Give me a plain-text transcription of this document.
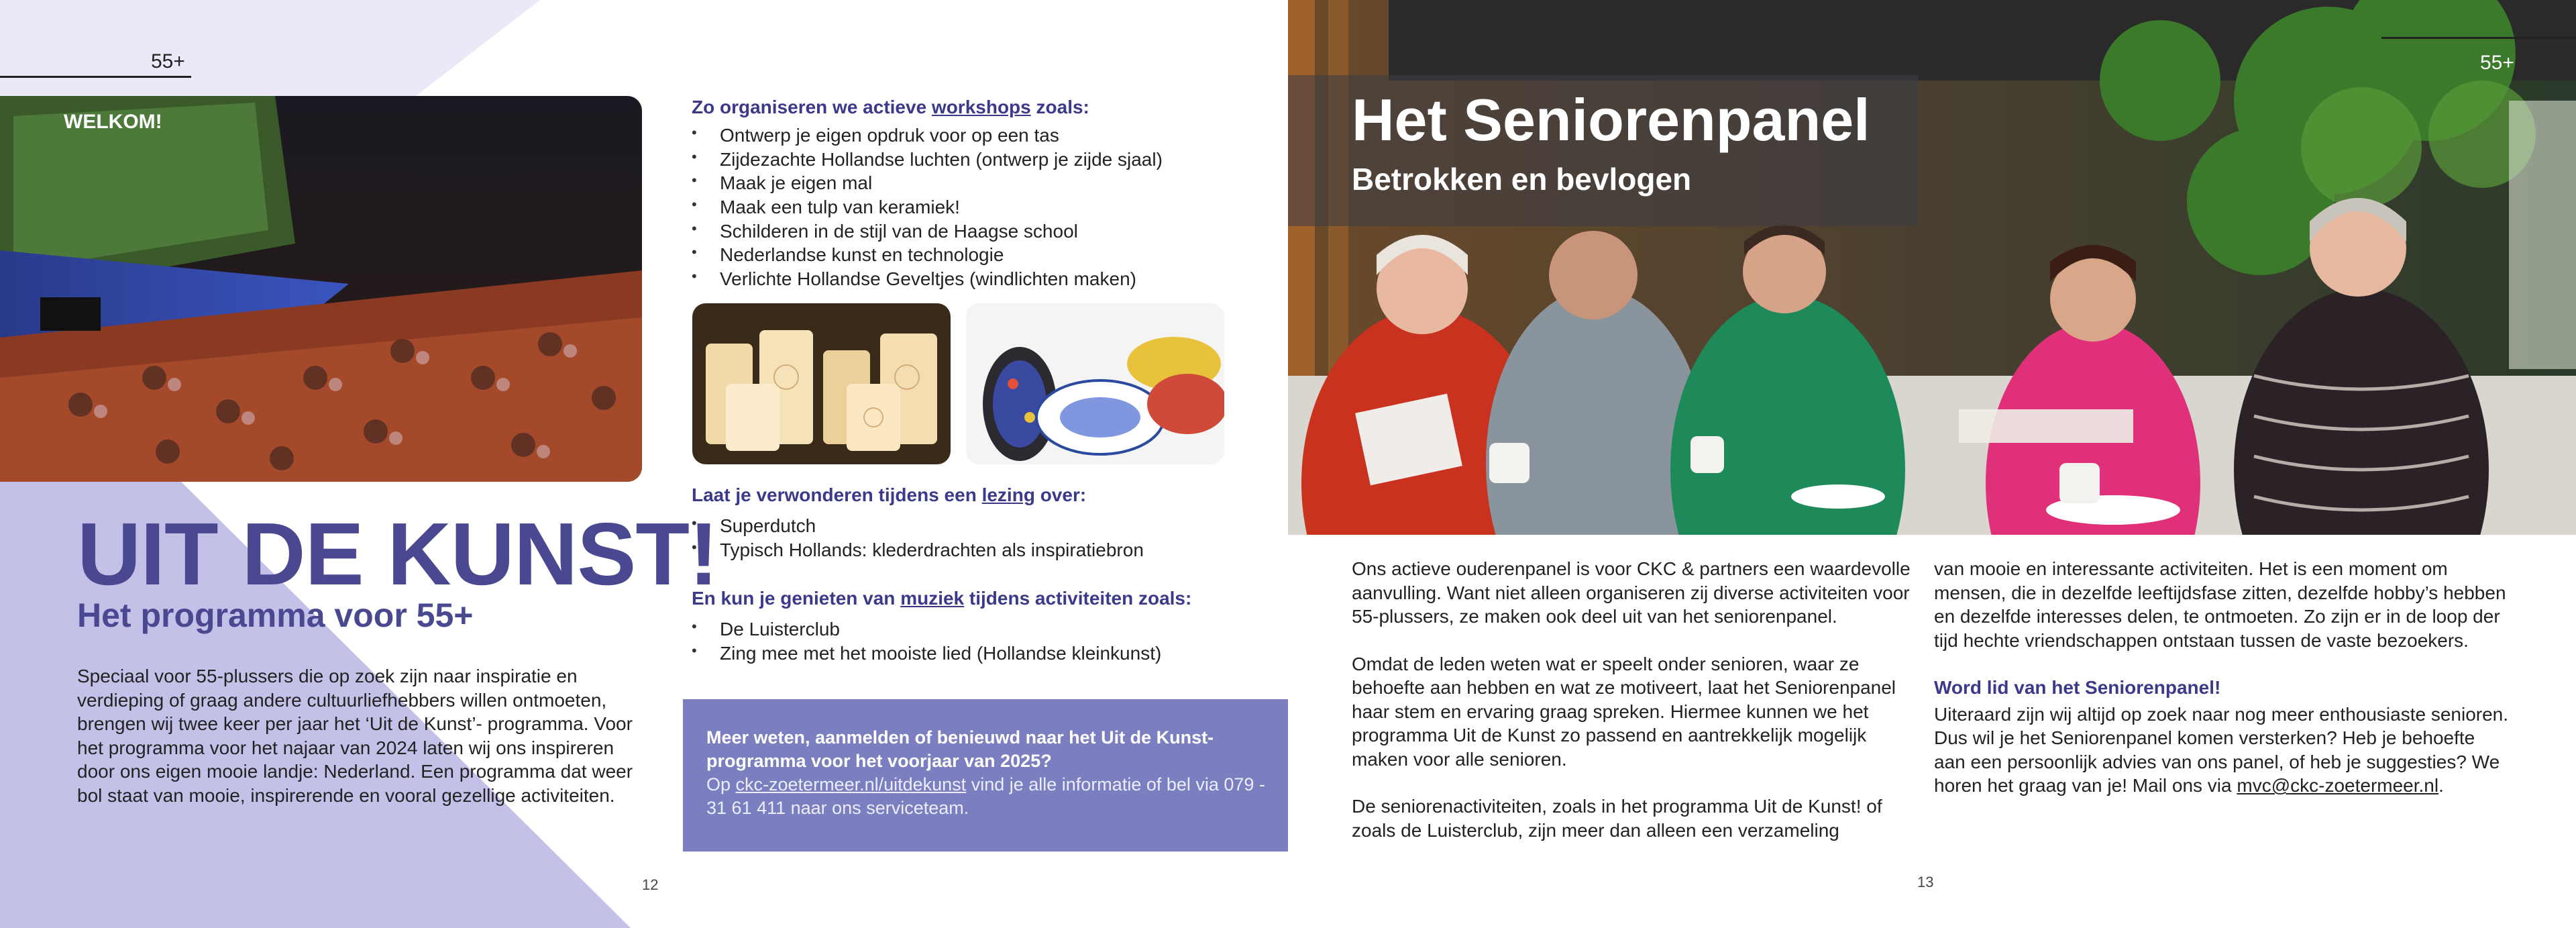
55+
WELKOM!
UIT DE KUNST!
Het programma voor 55+
Speciaal voor 55-plussers die op zoek zijn naar inspiratie en verdieping of graag andere cultuurliefhebbers willen ontmoeten, brengen wij twee keer per jaar het ‘Uit de Kunst’- programma. Voor het programma voor het najaar van 2024 laten wij ons inspireren door ons eigen mooie landje: Nederland. Een programma dat weer bol staat van mooie, inspirerende en vooral gezellige activiteiten.
Zo organiseren we actieve workshops zoals:
• Ontwerp je eigen opdruk voor op een tas
• Zijdezachte Hollandse luchten (ontwerp je zijde sjaal)
• Maak je eigen mal
• Maak een tulp van keramiek!
• Schilderen in de stijl van de Haagse school
• Nederlandse kunst en technologie
• Verlichte Hollandse Geveltjes (windlichten maken)
Laat je verwonderen tijdens een lezing over:
• Superdutch
• Typisch Hollands: klederdrachten als inspiratiebron
En kun je genieten van muziek tijdens activiteiten zoals:
• De Luisterclub
• Zing mee met het mooiste lied (Hollandse kleinkunst)
Meer weten, aanmelden of benieuwd naar het Uit de Kunst-programma voor het voorjaar van 2025?
Op ckc-zoetermeer.nl/uitdekunst vind je alle informatie of bel via 079 - 31 61 411 naar ons serviceteam.
12
55+
Het Seniorenpanel
Betrokken en bevlogen

Ons actieve ouderenpanel is voor CKC & partners een waardevolle aanvulling. Want niet alleen organiseren zij diverse activiteiten voor 55-plussers, ze maken ook deel uit van het seniorenpanel.

Omdat de leden weten wat er speelt onder senioren, waar ze behoefte aan hebben en wat ze motiveert, laat het Seniorenpanel haar stem en ervaring graag spreken. Hiermee kunnen we het programma Uit de Kunst zo passend en aantrekkelijk mogelijk maken voor alle senioren.

De seniorenactiviteiten, zoals in het programma Uit de Kunst! of zoals de Luisterclub, zijn meer dan alleen een verzameling

van mooie en interessante activiteiten. Het is een moment om mensen, die in dezelfde leeftijdsfase zitten, dezelfde hobby’s hebben en dezelfde interesses delen, te ontmoeten. Zo zijn er in de loop der tijd hechte vriendschappen ontstaan tussen de vaste bezoekers.

Word lid van het Seniorenpanel!
Uiteraard zijn wij altijd op zoek naar nog meer enthousiaste senioren. Dus wil je het Seniorenpanel komen versterken? Heb je behoefte aan een persoonlijk advies van ons panel, of heb je suggesties? We horen het graag van je! Mail ons via mvc@ckc-zoetermeer.nl.
13
